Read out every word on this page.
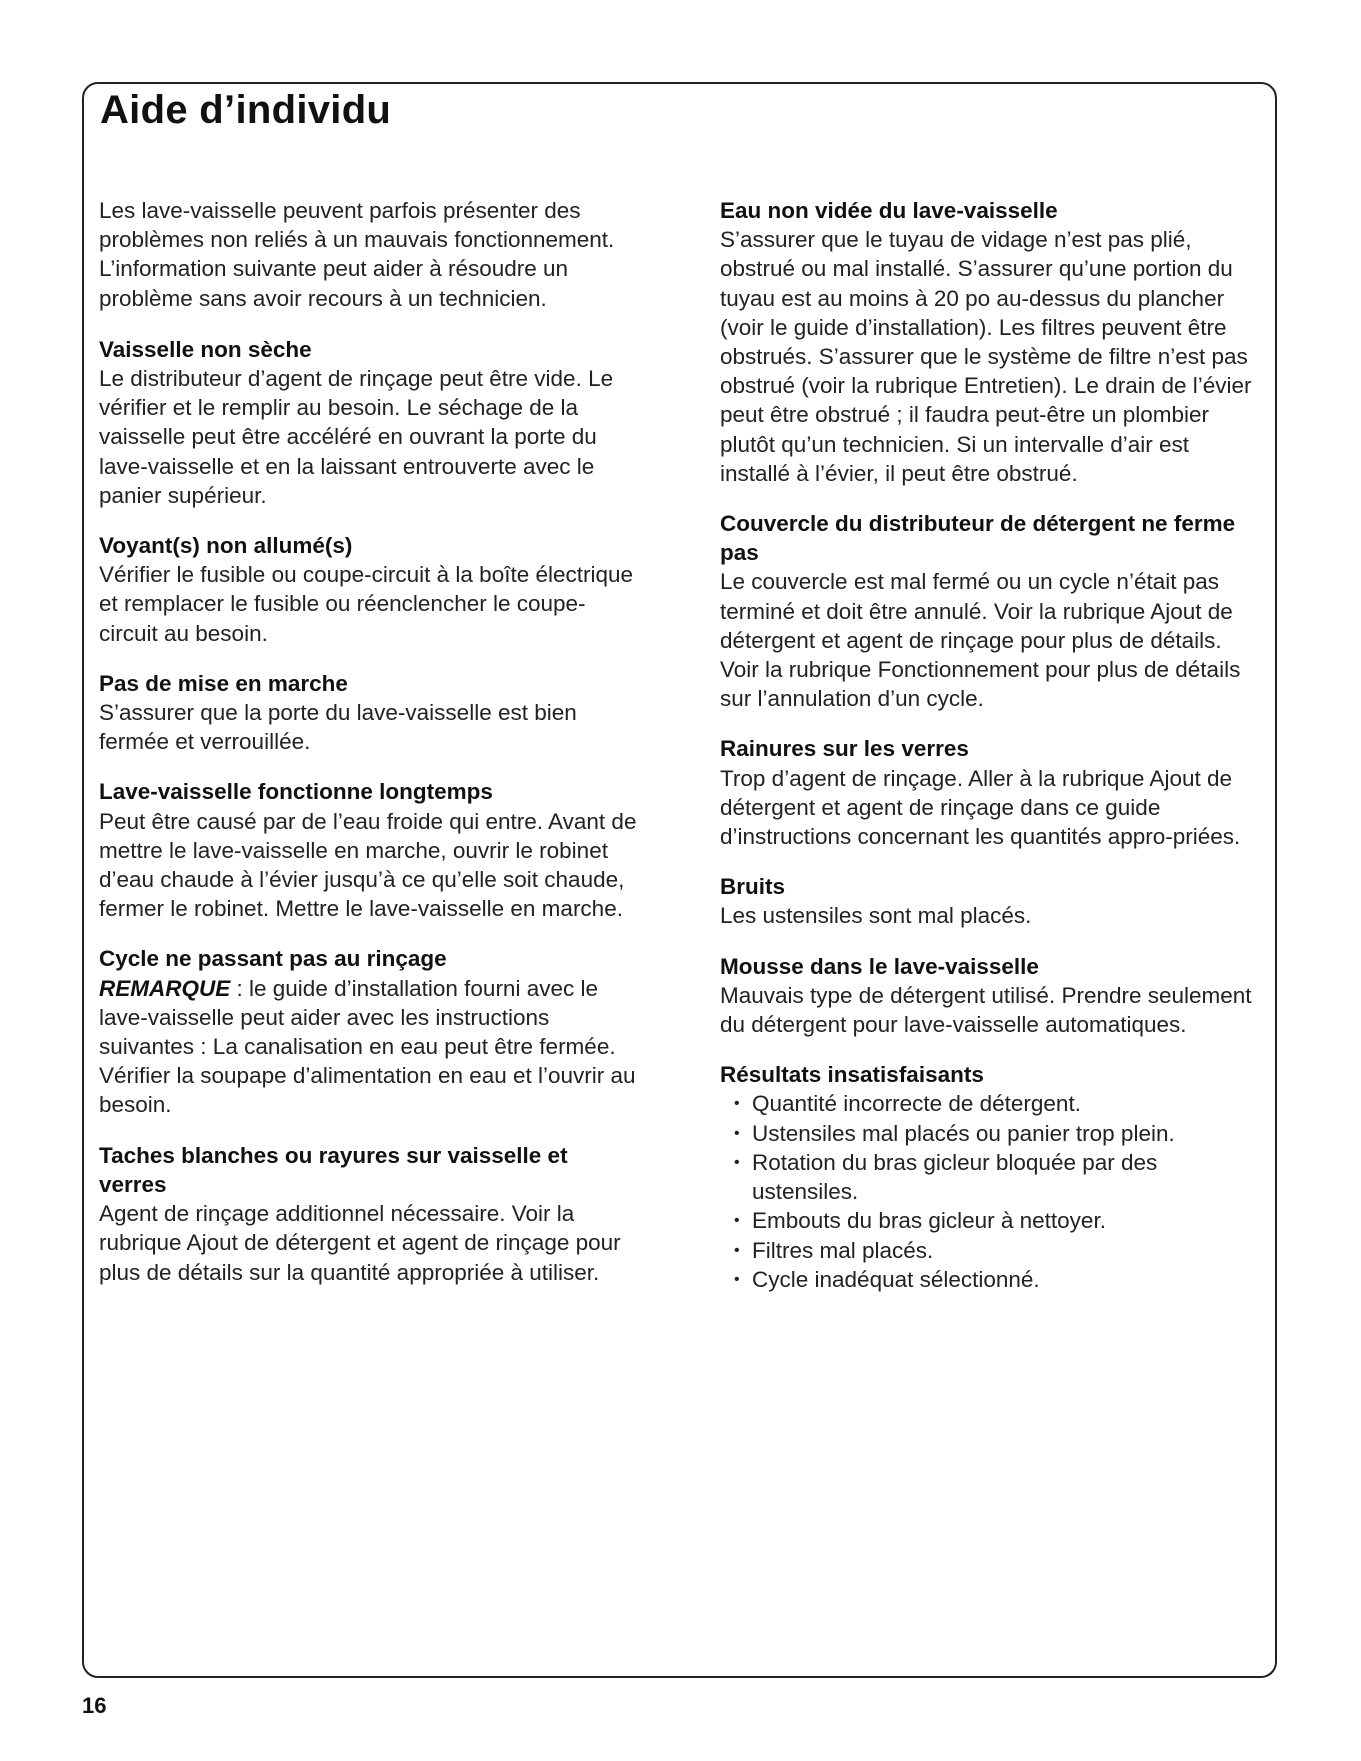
Aide d’individu

Les lave-vaisselle peuvent parfois présenter des problèmes non reliés à un mauvais fonctionnement. L’information suivante peut aider à résoudre un problème sans avoir recours à un technicien.

Vaisselle non sèche

Le distributeur d’agent de rinçage peut être vide. Le vérifier et le remplir au besoin. Le séchage de la vaisselle peut être accéléré en ouvrant la porte du lave-vaisselle et en la laissant entrouverte avec le panier supérieur.

Voyant(s) non allumé(s)

Vérifier le fusible ou coupe-circuit à la boîte électrique et remplacer le fusible ou réenclencher le coupe-circuit au besoin.

Pas de mise en marche

S’assurer que la porte du lave-vaisselle est bien fermée et verrouillée.

Lave-vaisselle fonctionne longtemps

Peut être causé par de l’eau froide qui entre. Avant de mettre le lave-vaisselle en marche, ouvrir le robinet d’eau chaude à l’évier jusqu’à ce qu’elle soit chaude, fermer le robinet. Mettre le lave-vaisselle en marche.

Cycle ne passant pas au rinçage

REMARQUE : le guide d’installation fourni avec le lave-vaisselle peut aider avec les instructions suivantes : La canalisation en eau peut être fermée. Vérifier la soupape d’alimentation en eau et l’ouvrir au besoin.

Taches blanches ou rayures sur vaisselle et verres

Agent de rinçage additionnel nécessaire. Voir la rubrique Ajout de détergent et agent de rinçage pour plus de détails sur la quantité appropriée à utiliser.

Eau non vidée du lave-vaisselle

S’assurer que le tuyau de vidage n’est pas plié, obstrué ou mal installé. S’assurer qu’une portion du tuyau est au moins à 20 po au-dessus du plancher (voir le guide d’installation). Les filtres peuvent être obstrués. S’assurer que le système de filtre n’est pas obstrué (voir la rubrique Entretien). Le drain de l’évier peut être obstrué ; il faudra peut-être un plombier plutôt qu’un technicien. Si un intervalle d’air est installé à l’évier, il peut être obstrué.

Couvercle du distributeur de détergent ne ferme pas

Le couvercle est mal fermé ou un cycle n’était pas terminé et doit être annulé. Voir la rubrique Ajout de détergent et agent de rinçage pour plus de détails. Voir la rubrique Fonctionnement pour plus de détails sur l’annulation d’un cycle.

Rainures sur les verres

Trop d’agent de rinçage. Aller à la rubrique Ajout de détergent et agent de rinçage dans ce guide d’instructions concernant les quantités appro-priées.

Bruits

Les ustensiles sont mal placés.

Mousse dans le lave-vaisselle

Mauvais type de détergent utilisé. Prendre seulement du détergent pour lave-vaisselle automatiques.

Résultats insatisfaisants
• Quantité incorrecte de détergent.
• Ustensiles mal placés ou panier trop plein.
• Rotation du bras gicleur bloquée par des ustensiles.
• Embouts du bras gicleur à nettoyer.
• Filtres mal placés.
• Cycle inadéquat sélectionné.

16
